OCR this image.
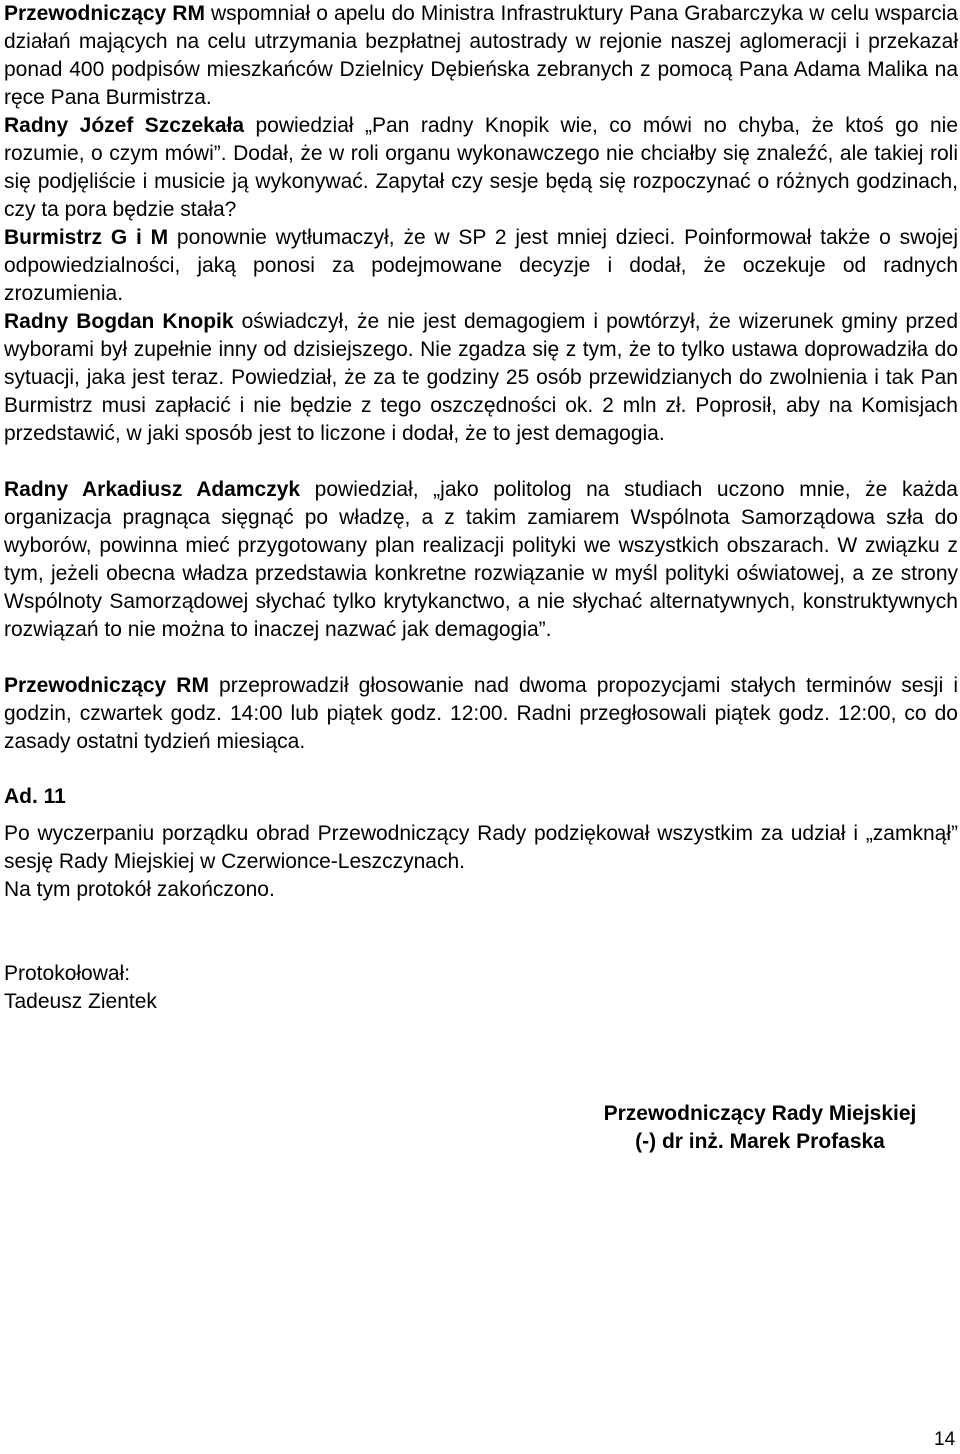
Przewodniczący RM wspomniał o apelu do Ministra Infrastruktury Pana Grabarczyka w celu wsparcia działań mających na celu utrzymania bezpłatnej autostrady w rejonie naszej aglomeracji i przekazał ponad 400 podpisów mieszkańców Dzielnicy Dębieńska zebranych z pomocą Pana Adama Malika na ręce Pana Burmistrza.

Radny Józef Szczekała powiedział „Pan radny Knopik wie, co mówi no chyba, że ktoś go nie rozumie, o czym mówi”. Dodał, że w roli organu wykonawczego nie chciałby się znaleźć, ale takiej roli się podjęliście i musicie ją wykonywać. Zapytał czy sesje będą się rozpoczynać o różnych godzinach, czy ta pora będzie stała?

Burmistrz G i M ponownie wytłumaczył, że w SP 2 jest mniej dzieci. Poinformował także o swojej odpowiedzialności, jaką ponosi za podejmowane decyzje i dodał, że oczekuje od radnych zrozumienia.

Radny Bogdan Knopik oświadczył, że nie jest demagogiem i powtórzył, że wizerunek gminy przed wyborami był zupełnie inny od dzisiejszego. Nie zgadza się z tym, że to tylko ustawa doprowadziła do sytuacji, jaka jest teraz. Powiedział, że za te godziny 25 osób przewidzianych do zwolnienia i tak Pan Burmistrz musi zapłacić i nie będzie z tego oszczędności ok. 2 mln zł. Poprosił, aby na Komisjach przedstawić, w jaki sposób jest to liczone i dodał, że to jest demagogia.

Radny Arkadiusz Adamczyk powiedział, „jako politolog na studiach uczono mnie, że każda organizacja pragnąca sięgnąć po władzę, a z takim zamiarem Wspólnota Samorządowa szła do wyborów, powinna mieć przygotowany plan realizacji polityki we wszystkich obszarach. W związku z tym, jeżeli obecna władza przedstawia konkretne rozwiązanie w myśl polityki oświatowej, a ze strony Wspólnoty Samorządowej słychać tylko krytykanctwo, a nie słychać alternatywnych, konstruktywnych rozwiązań to nie można to inaczej nazwać jak demagogia”.

Przewodniczący RM przeprowadził głosowanie nad dwoma propozycjami stałych terminów sesji i godzin, czwartek godz. 14:00 lub piątek godz. 12:00. Radni przegłosowali piątek godz. 12:00, co do zasady ostatni tydzień miesiąca.

Ad. 11

Po wyczerpaniu porządku obrad Przewodniczący Rady podziękował wszystkim za udział i „zamknął” sesję Rady Miejskiej w Czerwionce-Leszczynach.

Na tym protokół zakończono.
Protokołował:
Tadeusz Zientek
Przewodniczący Rady Miejskiej
(-) dr inż. Marek Profaska
14
